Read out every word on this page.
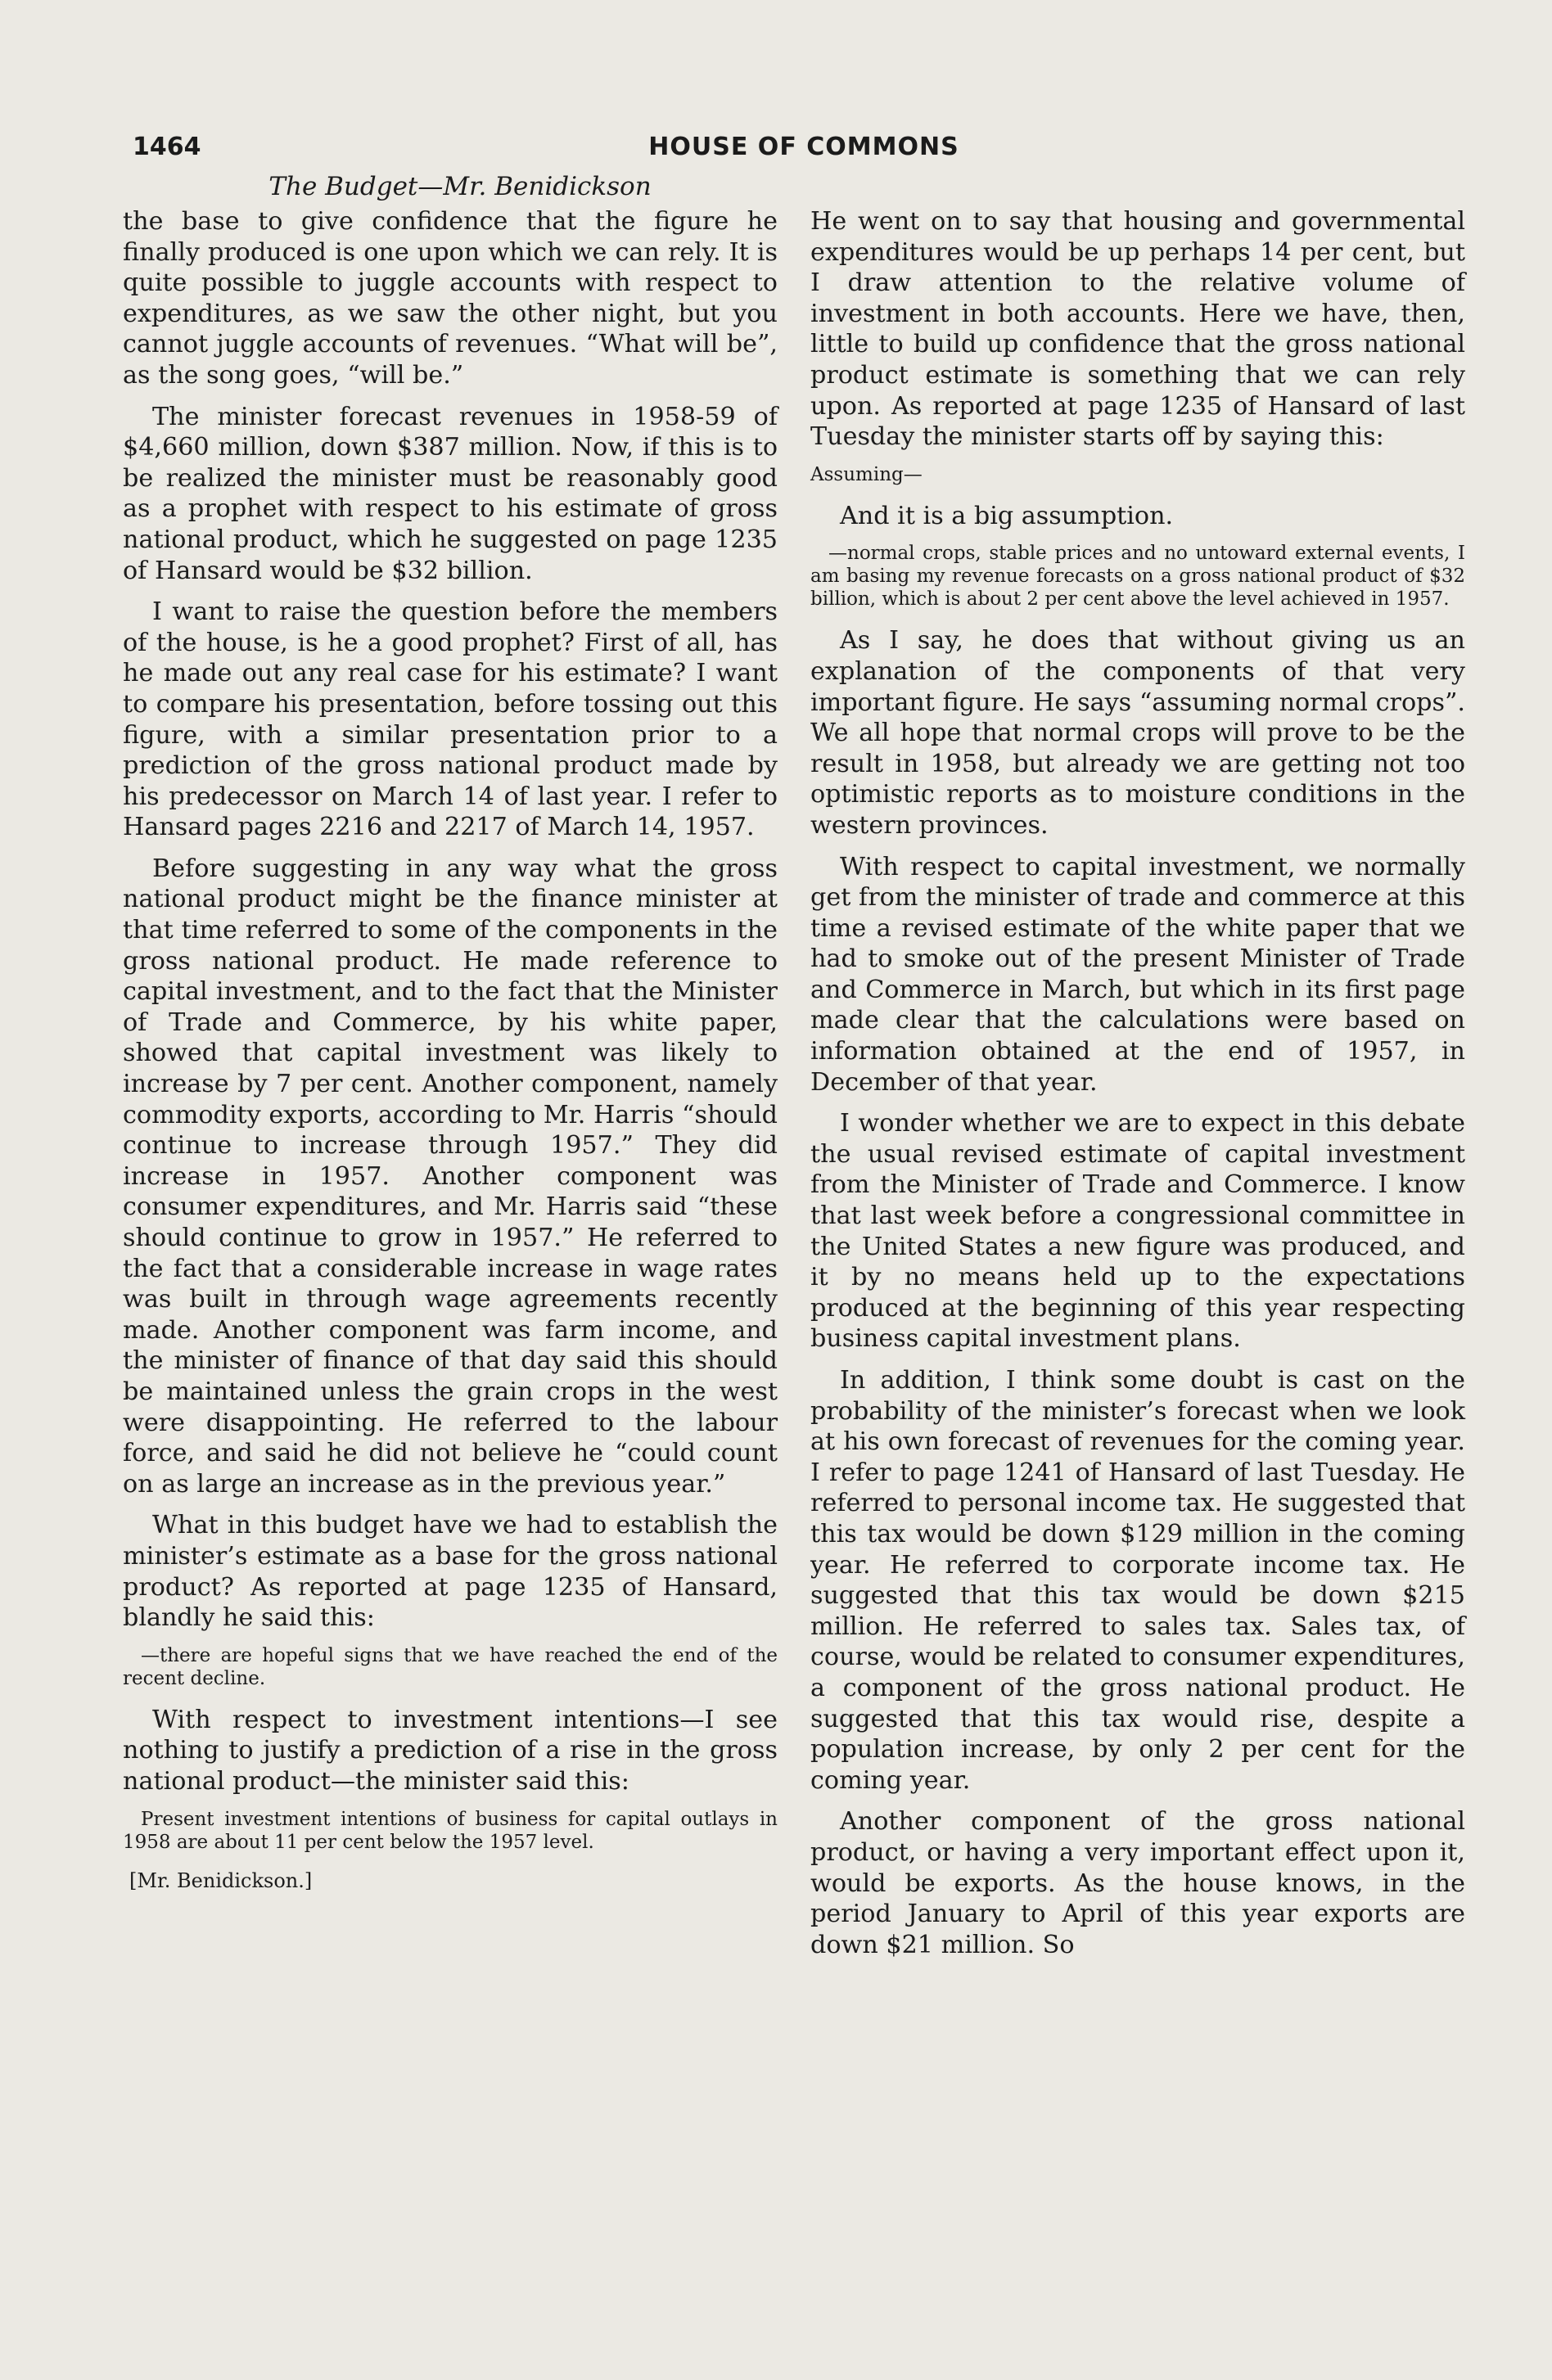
1464	HOUSE OF COMMONS
The Budget—Mr. Benidickson

the base to give confidence that the figure he finally produced is one upon which we can rely. It is quite possible to juggle accounts with respect to expenditures, as we saw the other night, but you cannot juggle accounts of revenues. “What will be”, as the song goes, “will be.”

The minister forecast revenues in 1958-59 of $4,660 million, down $387 million. Now, if this is to be realized the minister must be reasonably good as a prophet with respect to his estimate of gross national product, which he suggested on page 1235 of Hansard would be $32 billion.

I want to raise the question before the members of the house, is he a good prophet? First of all, has he made out any real case for his estimate? I want to compare his presentation, before tossing out this figure, with a similar presentation prior to a prediction of the gross national product made by his predecessor on March 14 of last year. I refer to Hansard pages 2216 and 2217 of March 14, 1957.

Before suggesting in any way what the gross national product might be the finance minister at that time referred to some of the components in the gross national product. He made reference to capital investment, and to the fact that the Minister of Trade and Commerce, by his white paper, showed that capital investment was likely to increase by 7 per cent. Another component, namely commodity exports, according to Mr. Harris “should continue to increase through 1957.” They did increase in 1957. Another component was consumer expenditures, and Mr. Harris said “these should continue to grow in 1957.” He referred to the fact that a considerable increase in wage rates was built in through wage agreements recently made. Another component was farm income, and the minister of finance of that day said this should be maintained unless the grain crops in the west were disappointing. He referred to the labour force, and said he did not believe he “could count on as large an increase as in the previous year.”

What in this budget have we had to establish the minister’s estimate as a base for the gross national product? As reported at page 1235 of Hansard, blandly he said this:

—there are hopeful signs that we have reached the end of the recent decline.

With respect to investment intentions—I see nothing to justify a prediction of a rise in the gross national product—the minister said this:

Present investment intentions of business for capital outlays in 1958 are about 11 per cent below the 1957 level.

[Mr. Benidickson.]

He went on to say that housing and governmental expenditures would be up perhaps 14 per cent, but I draw attention to the relative volume of investment in both accounts. Here we have, then, little to build up confidence that the gross national product estimate is something that we can rely upon. As reported at page 1235 of Hansard of last Tuesday the minister starts off by saying this:

Assuming—

And it is a big assumption.

—normal crops, stable prices and no untoward external events, I am basing my revenue forecasts on a gross national product of $32 billion, which is about 2 per cent above the level achieved in 1957.

As I say, he does that without giving us an explanation of the components of that very important figure. He says “assuming normal crops”. We all hope that normal crops will prove to be the result in 1958, but already we are getting not too optimistic reports as to moisture conditions in the western provinces.

With respect to capital investment, we normally get from the minister of trade and commerce at this time a revised estimate of the white paper that we had to smoke out of the present Minister of Trade and Commerce in March, but which in its first page made clear that the calculations were based on information obtained at the end of 1957, in December of that year.

I wonder whether we are to expect in this debate the usual revised estimate of capital investment from the Minister of Trade and Commerce. I know that last week before a congressional committee in the United States a new figure was produced, and it by no means held up to the expectations produced at the beginning of this year respecting business capital investment plans.

In addition, I think some doubt is cast on the probability of the minister’s forecast when we look at his own forecast of revenues for the coming year. I refer to page 1241 of Hansard of last Tuesday. He referred to personal income tax. He suggested that this tax would be down $129 million in the coming year. He referred to corporate income tax. He suggested that this tax would be down $215 million. He referred to sales tax. Sales tax, of course, would be related to consumer expenditures, a component of the gross national product. He suggested that this tax would rise, despite a population increase, by only 2 per cent for the coming year.

Another component of the gross national product, or having a very important effect upon it, would be exports. As the house knows, in the period January to April of this year exports are down $21 million. So
